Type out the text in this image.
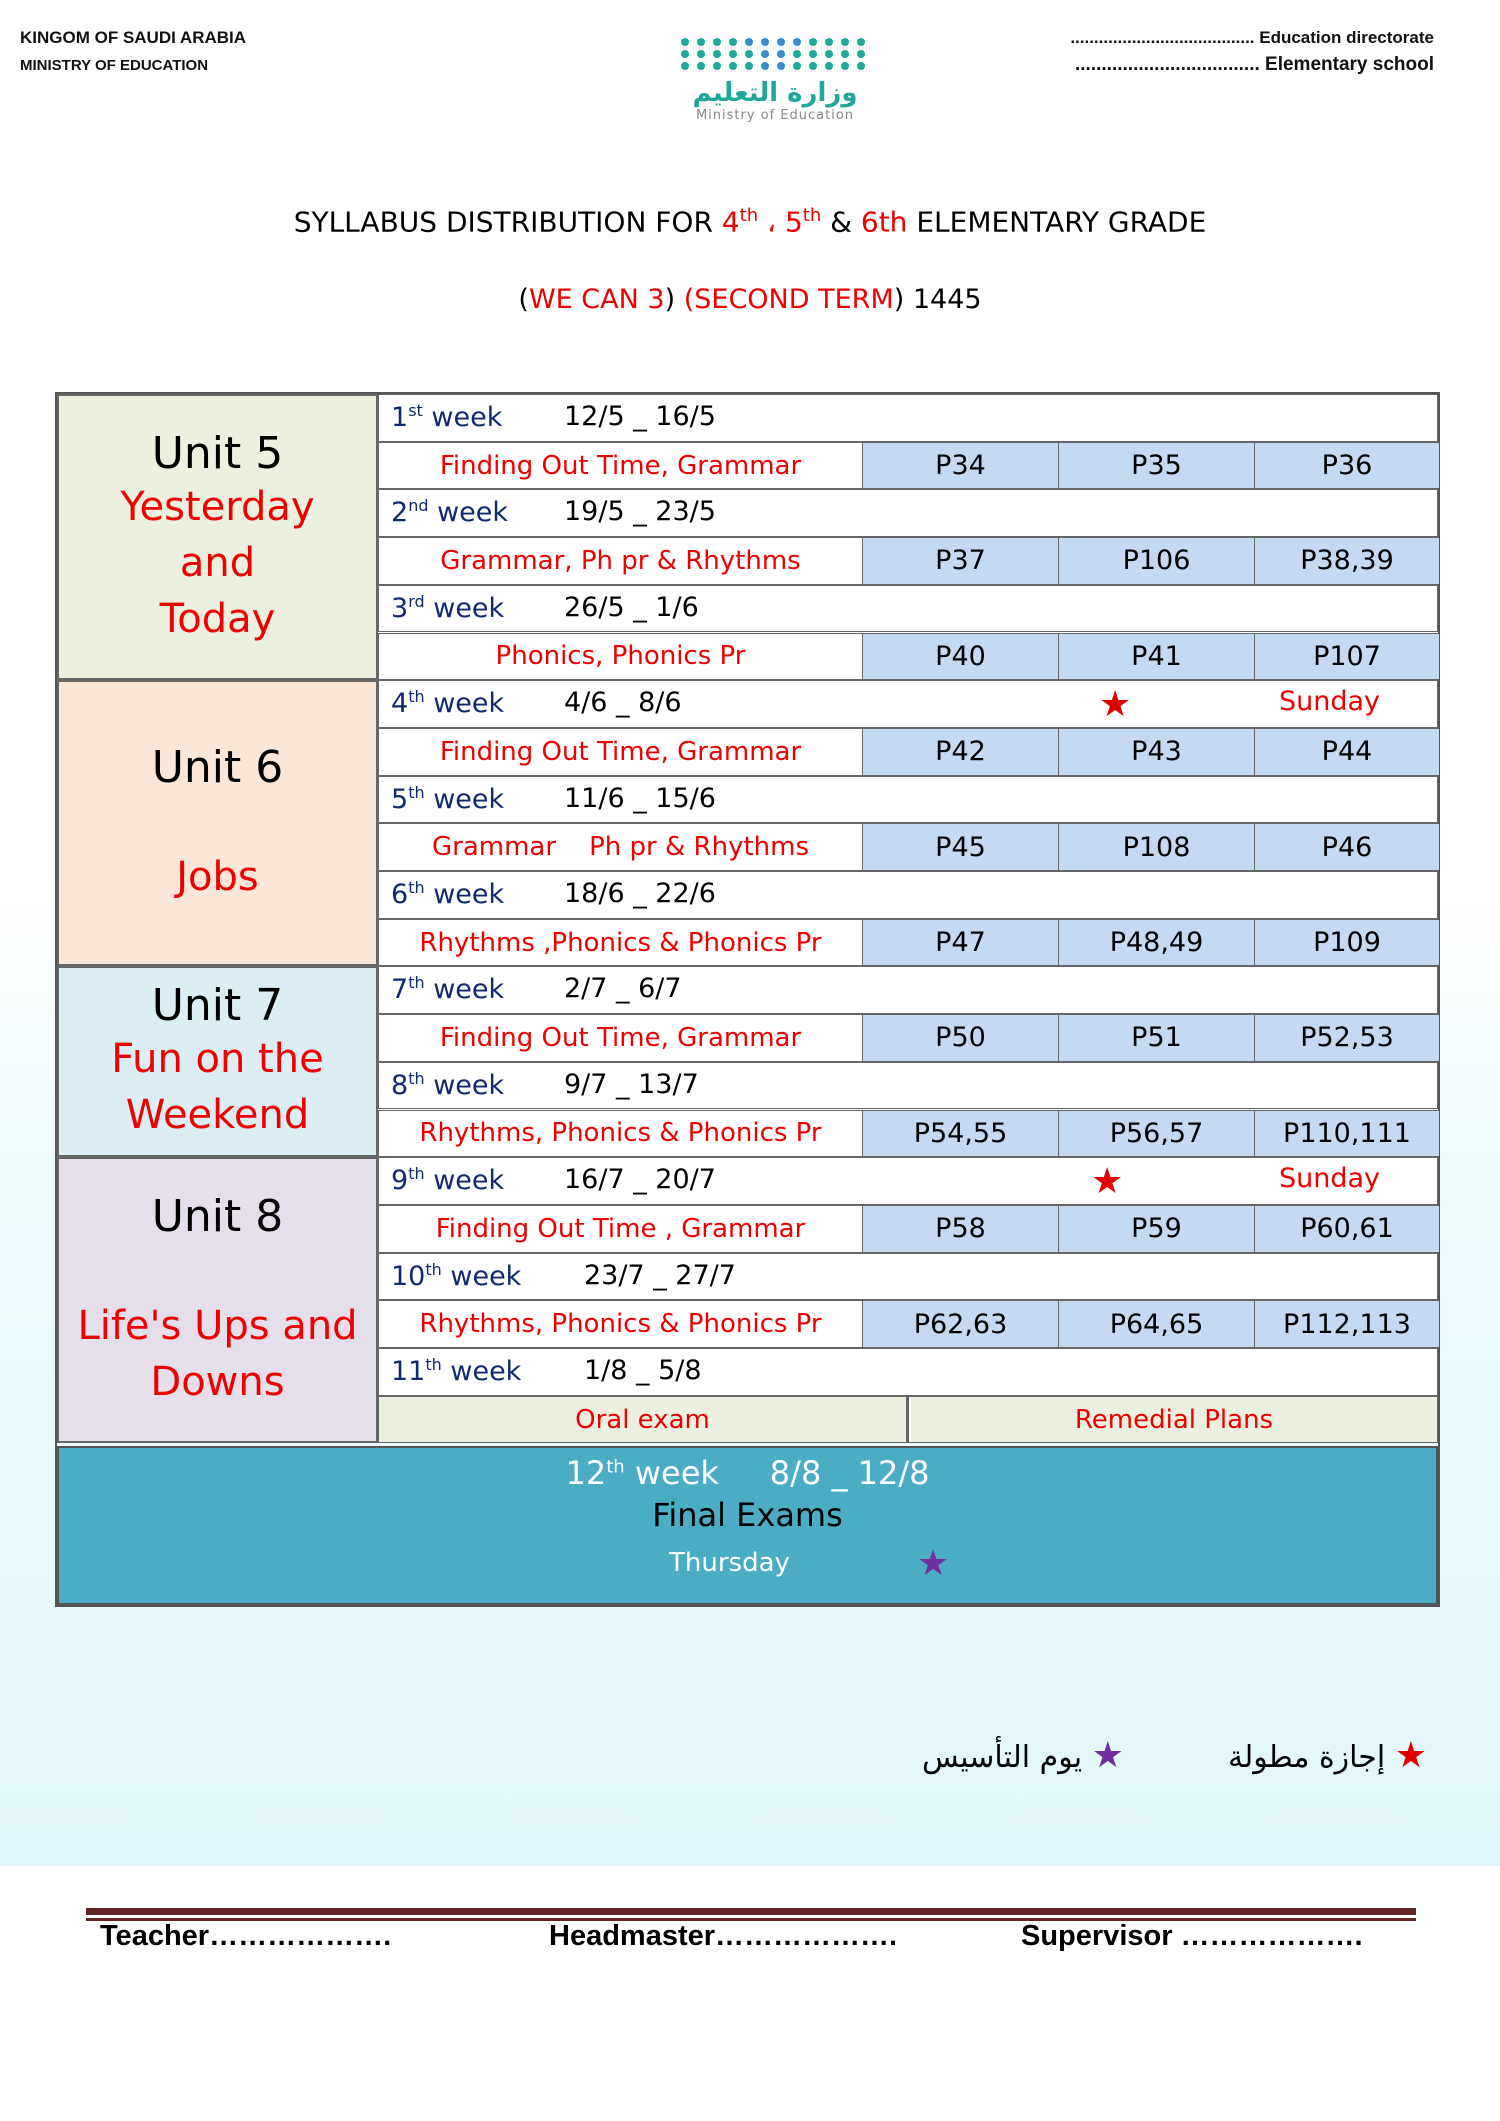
KINGOM OF SAUDI ARABIA
MINISTRY OF EDUCATION
....................................... Education directorate
................................... Elementary school
وزارة التعليم
Ministry of Education
SYLLABUS DISTRIBUTION FOR 4th ، 5th & 6th ELEMENTARY GRADE
(WE CAN 3) (SECOND TERM) 1445
12th week 8/8 _ 12/8
Final Exams
Thursday	★
Unit 5
Yesterday
and
Today
Unit 6

Jobs

Unit 7
Fun on the
Weekend
Unit 8

Life's Ups and
Downs
1st week 12/5 _ 16/5
Finding Out Time, Grammar	P34	P35	P36
2nd week 19/5 _ 23/5
Grammar, Ph pr & Rhythms	P37	P106	P38,39
3rd week 26/5 _ 1/6
Phonics, Phonics Pr	P40	P41	P107
4th week 4/6 _ 8/6	★	Sunday
Finding Out Time, Grammar	P42	P43	P44
5th week 11/6 _ 15/6
Grammar    Ph pr & Rhythms	P45	P108	P46
6th week 18/6 _ 22/6
Rhythms ,Phonics & Phonics Pr	P47	P48,49	P109
7th week 2/7 _ 6/7
Finding Out Time, Grammar	P50	P51	P52,53
8th week 9/7 _ 13/7
Rhythms, Phonics & Phonics Pr	P54,55	P56,57	P110,111
9th week 16/7 _ 20/7	★	Sunday
Finding Out Time , Grammar	P58	P59	P60,61
10th week 23/7 _ 27/7
Rhythms, Phonics & Phonics Pr	P62,63	P64,65	P112,113
11th week 1/8 _ 5/8
Oral exam	Remedial Plans
★ إجازة مطولة
★ يوم التأسيس
Teacher……………….	Headmaster……………….	Supervisor ……………….
